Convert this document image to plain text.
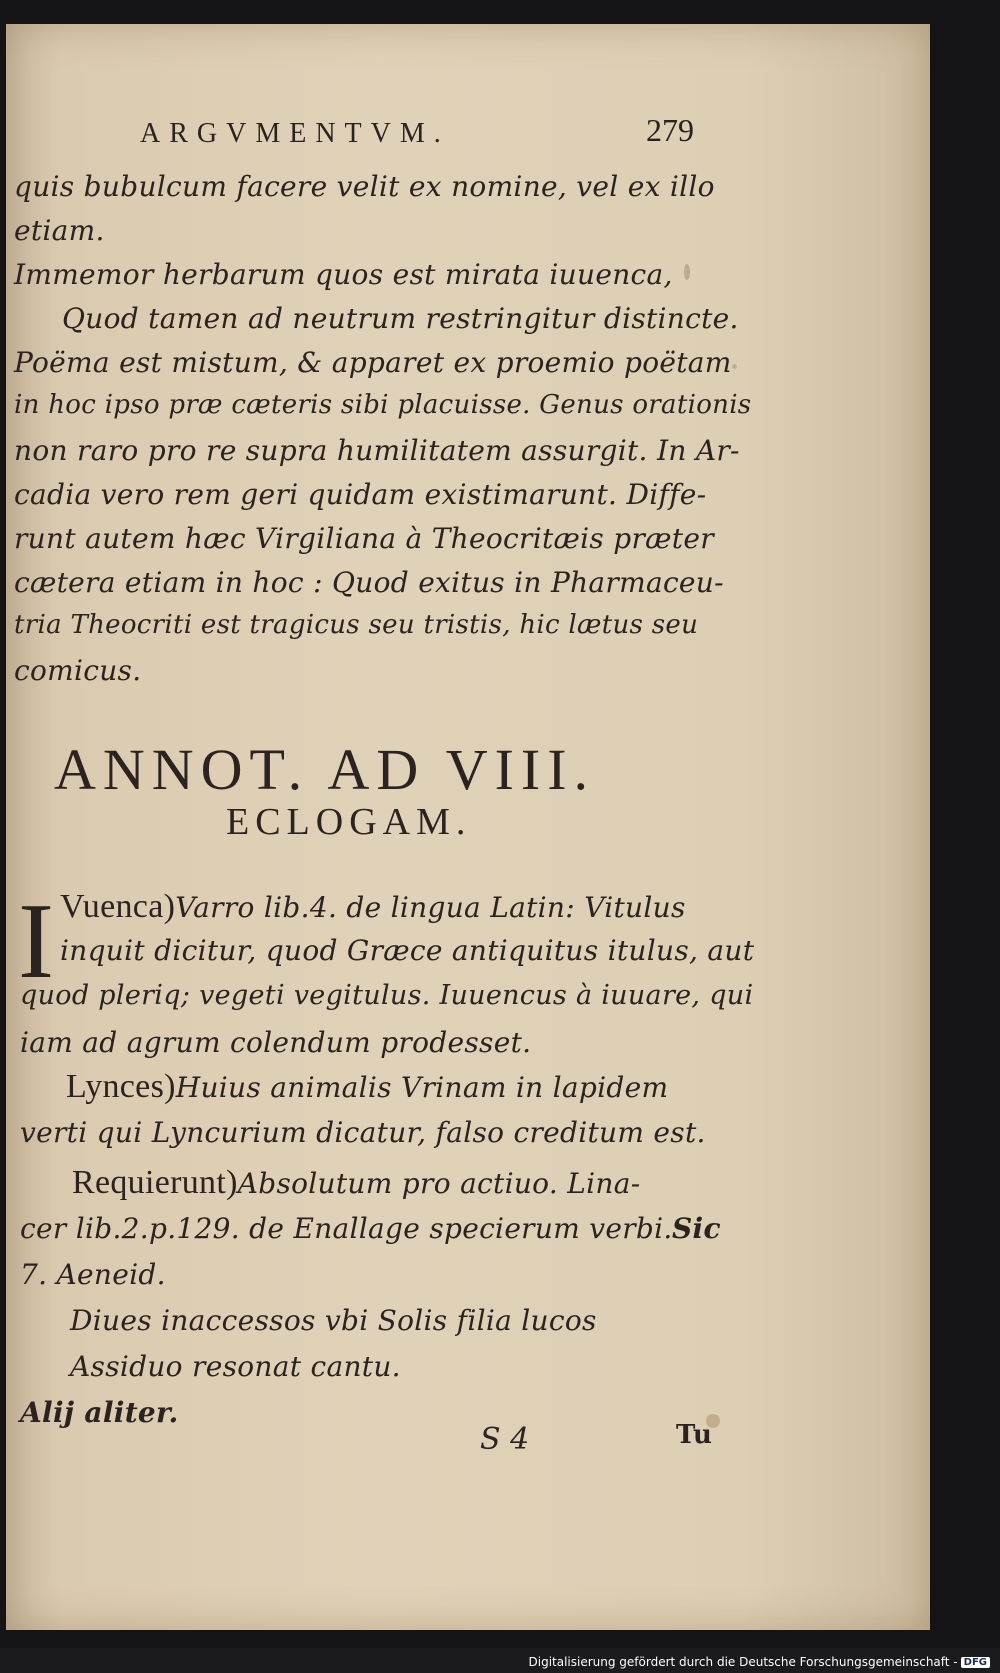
ARGVMENTVM.	279
quis bubulcum facere velit ex nomine, vel ex illo
etiam.
Immemor herbarum quos est mirata iuuenca,
Quod tamen ad neutrum restringitur distincte.
Poëma est mistum, & apparet ex proemio poëtam
in hoc ipso præ cæteris sibi placuisse. Genus orationis
non raro pro re supra humilitatem assurgit. In Ar-
cadia vero rem geri quidam existimarunt. Diffe-
runt autem hæc Virgiliana à Theocritæis præter
cætera etiam in hoc : Quod exitus in Pharmaceu-
tria Theocriti est tragicus seu tristis, hic lætus seu
comicus.
ANNOT. AD VIII.
ECLOGAM.
I Vuenca)Varro lib.4. de lingua Latin: Vitulus
inquit dicitur, quod Græce antiquitus itulus, aut
quod pleriq; vegeti vegitulus. Iuuencus à iuuare, qui
iam ad agrum colendum prodesset.
Lynces)Huius animalis Vrinam in lapidem
verti qui Lyncurium dicatur, falso creditum est.
Requierunt)Absolutum pro actiuo. Lina-
cer lib.2.p.129. de Enallage specierum verbi. Sic
7. Aeneid.
Diues inaccessos vbi Solis filia lucos
Assiduo resonat cantu.
Alij aliter.
S 4	Tu
Digitalisierung gefördert durch die Deutsche Forschungsgemeinschaft - DFG
